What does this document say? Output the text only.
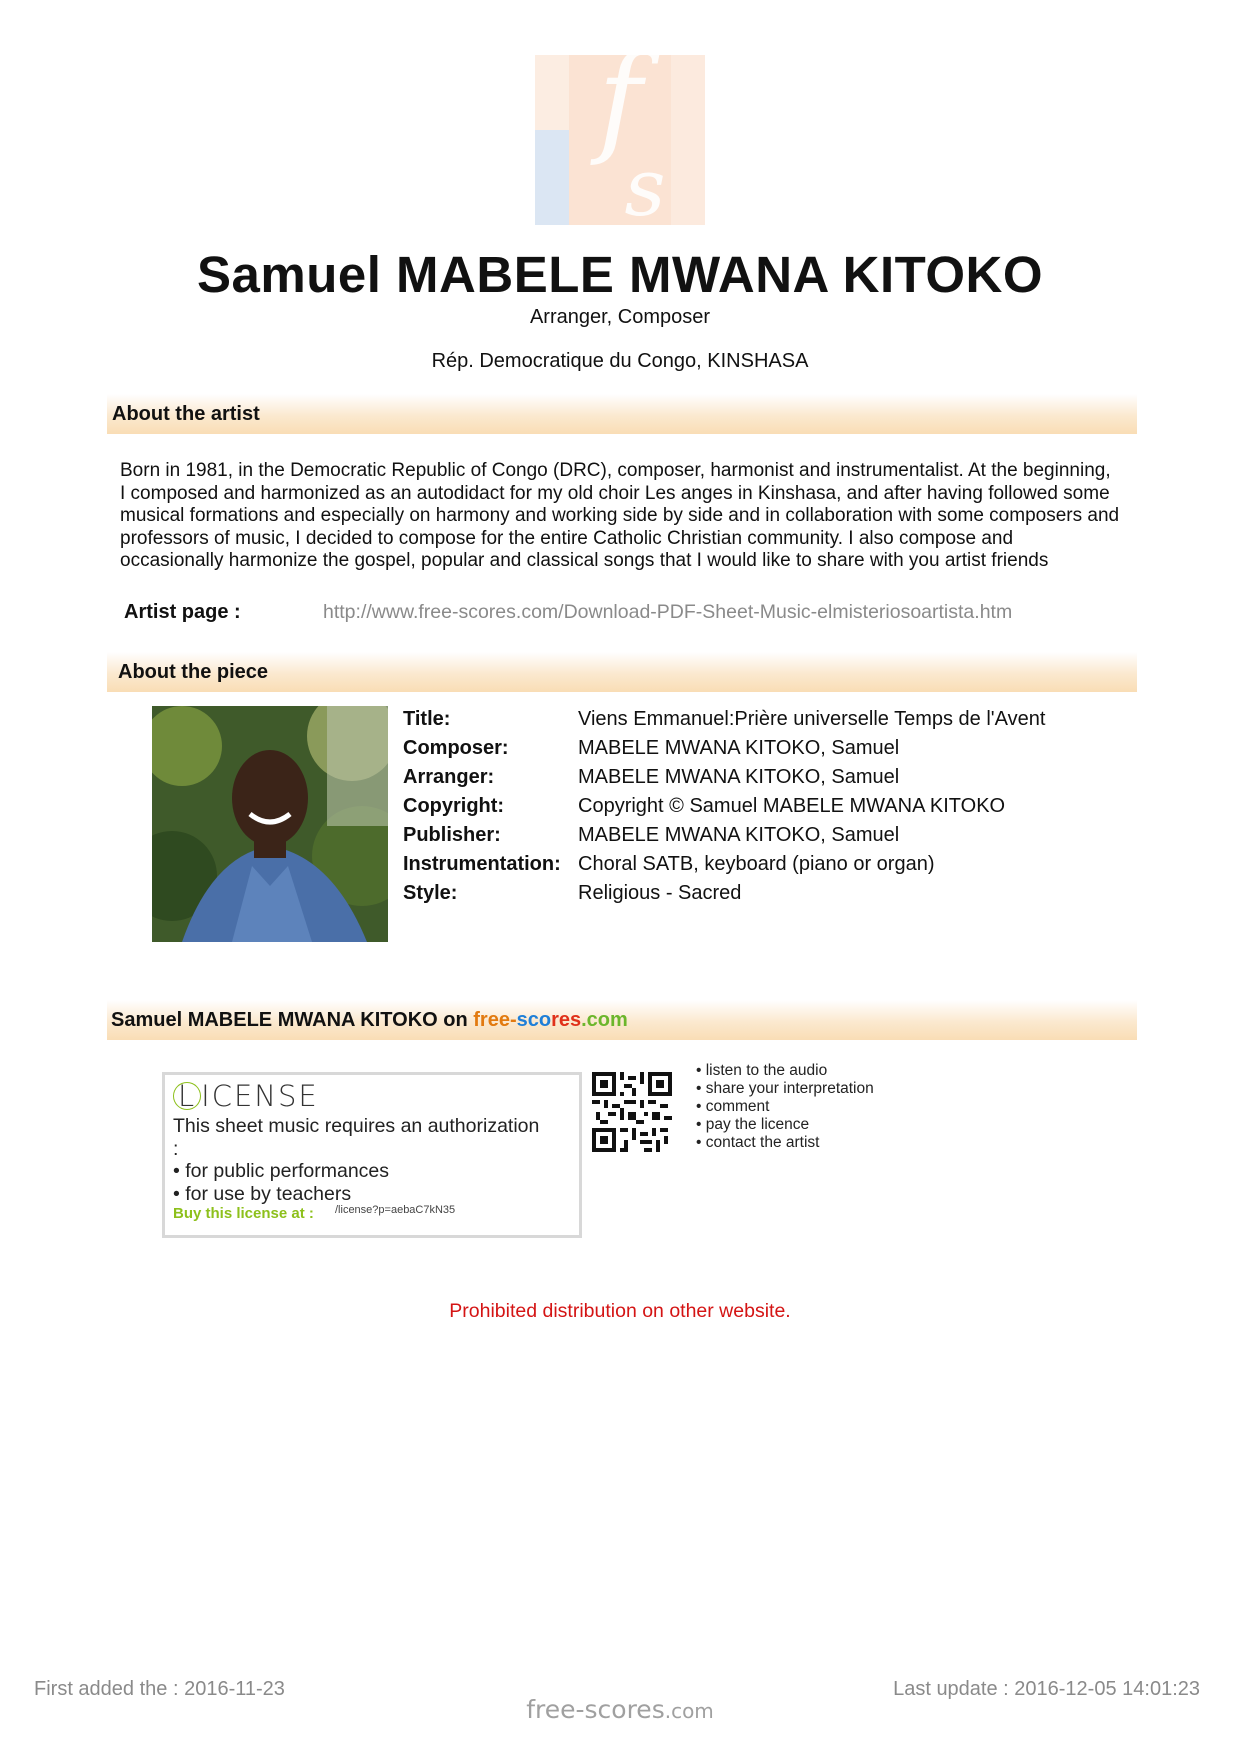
f
s
Samuel MABELE MWANA KITOKO
Arranger, Composer
Rép. Democratique du Congo, KINSHASA
About the artist
Born in 1981, in the Democratic Republic of Congo (DRC), composer, harmonist and instrumentalist. At the beginning, I composed and harmonized as an autodidact for my old choir Les anges in Kinshasa, and after having followed some musical formations and especially on harmony and working side by side and in collaboration with some composers and professors of music, I decided to compose for the entire Catholic Christian community. I also compose and occasionally harmonize the gospel, popular and classical songs that I would like to share with you artist friends
Artist page :	http://www.free-scores.com/Download-PDF-Sheet-Music-elmisteriosoartista.htm
About the piece
Title:	Viens Emmanuel:Prière universelle Temps de l'Avent
Composer:	MABELE MWANA KITOKO, Samuel
Arranger:	MABELE MWANA KITOKO, Samuel
Copyright:	Copyright © Samuel MABELE MWANA KITOKO
Publisher:	MABELE MWANA KITOKO, Samuel
Instrumentation: Choral SATB, keyboard (piano or organ)
Style:	Religious - Sacred
Samuel MABELE MWANA KITOKO on free-scores.com
L ICENSE
This sheet music requires an authorization
:
• for public performances
• for use by teachers
Buy this license at : /license?p=aebaC7kN35
• listen to the audio
• share your interpretation
• comment
• pay the licence
• contact the artist
Prohibited distribution on other website.
First added the : 2016-11-23
free-scores.com
Last update : 2016-12-05 14:01:23
